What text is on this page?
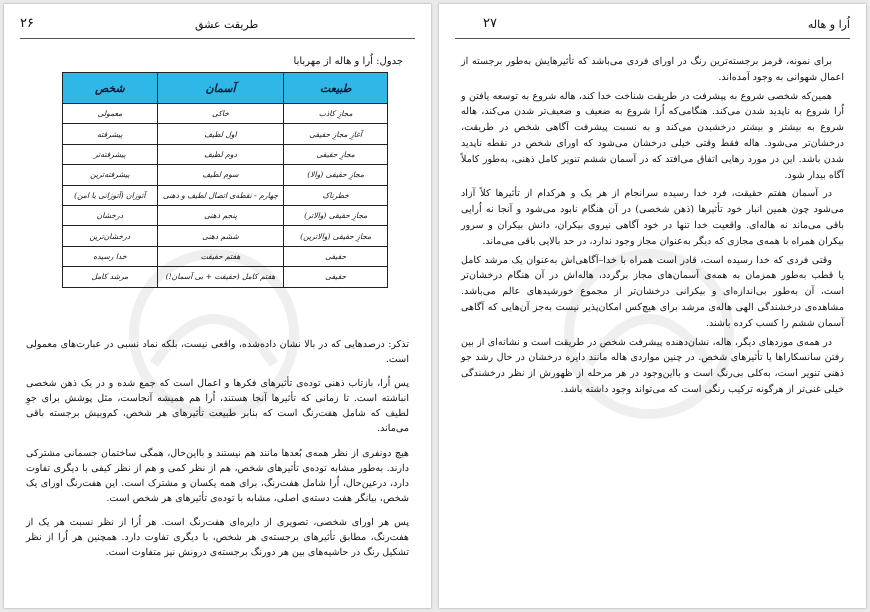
۲۶	طریقت عشق
جدول: اُرا و هاله از مهربابا
طبیعت	آسمان	شخص
مجازِ کاذب	خاکی	معمولی
آغازِ مجازِ حقیقی	اول لطیف	پیشرفته
مجازِ حقیقی	دوم لطیف	پیشرفته‌تر
مجازِ حقیقی (والا)	سوم لطیف	پیشرفته‌ترین
خطرناک	چهارم - نقطه‌ی اتصال لطیف و ذهنی	آتوزان (آتوزانی یا امن)
مجازِ حقیقی (والاتر)	پنجم ذهنی	درخشان
مجازِ حقیقی (والاترین)	ششم ذهنی	درخشان‌ترین
حقیقی	هفتم حقیقت	خدا رسیده
حقیقی	هفتم کامل (حقیقت + بی آسمان!)	مرشد کامل

تذکر: درصدهایی که در بالا نشان داده‌شده، واقعی نیست، بلکه نماد نسبی در عبارت‌های معمولی است.

پس اُرا، بازتاب ذهنی توده‌ی تأثیرهای فکرها و اعمال است که جمع شده و در یک ذهن شخصی انباشته است. تا زمانی که تأثیرها آنجا هستند، اُرا هم همیشه آنجاست، مثل پوشش برای جوِ لطیف که شامل هفت‌رنگ است که بنابر طبیعت تأثیرهای هر شخص، کم‌وبیش برجسته باقی می‌ماند.

هیچ دونفری از نظر همه‌ی بُعدها مانند هم نیستند و بااین‌حال، همگی ساختمان جسمانی مشترکی دارند. به‌طور مشابه توده‌ی تأثیرهای شخص، هم از نظر کمی و هم از نظر کیفی با دیگری تفاوت دارد، درعین‌حال، اُرا شامل هفت‌رنگ، برای همه یکسان و مشترک است. این هفت‌رنگ اورای یک شخص، بیانگر هفت دسته‌ی اصلی، مشابه با توده‌ی تأثیرهای هر شخص است.

پس هر اورای شخصی، تصویری از دایره‌ای هفت‌رنگ است. هر اُرا از نظر نسبت هر یک از هفت‌رنگ، مطابق تأثیرهای برجسته‌ی هر شخص، با دیگری تفاوت دارد. همچنین هر اُرا از نظر تشکیل رنگ در حاشیه‌های بین هر دورنگ برجسته‌ی درونش نیز متفاوت است.

اُرا و هاله
۲۷

برای نمونه، قرمز برجسته‌ترین رنگ در اورای فردی می‌باشد که تأثیرهایش به‌طور برجسته از اعمال شهوانی به وجود آمده‌اند.

همین‌که شخصی شروع به پیشرفت در طریقت شناخت خدا کند، هاله شروع به توسعه یافتن و اُرا شروع به ناپدید شدن می‌کند. هنگامی‌که اُرا شروع به ضعیف و ضعیف‌تر شدن می‌کند، هاله شروع به بیشتر و بیشتر درخشیدن می‌کند و به نسبت پیشرفت آگاهی شخص در طریقت، درخشان‌تر می‌شود. هاله فقط وقتی خیلی درخشان می‌شود که اورای شخص در نقطه ناپدید شدن باشد. این در مورد رهایی اتفاق می‌افتد که در آسمان ششم تنویر کامل ذهنی، به‌طور کاملاً آگاه بیدار شود.

در آسمان هفتم حقیقت، فرد خدا رسیده سرانجام از هر یک و هرکدام از تأثیرها کلاً آزاد می‌شود چون همین انبار خود تأثیرها (ذهن شخصی) در آن هنگام نابود می‌شود و آنجا نه اُرایی باقی می‌ماند نه هاله‌ای. واقعیت خدا تنها در خود آگاهی نیروی بیکران، دانش بیکران و سرور بیکران همراه با همه‌ی مجازی که دیگر به‌عنوان مجاز وجود ندارد، در حد بالایی باقی می‌ماند.

وقتی فردی که خدا رسیده است، قادر است همراه با خدا–آگاهی‌اش به‌عنوان یک مرشد کامل یا قطب به‌طور همزمان به همه‌ی آسمان‌های مجاز برگردد، هاله‌اش در آن هنگام درخشان‌تر است، آن به‌طور بی‌اندازه‌ای و بیکرانی درخشان‌تر از مجموع خورشیدهای عالم می‌باشد. مشاهده‌ی درخشندگی الهی هاله‌ی مرشد برای هیچ‌کس امکان‌پذیر نیست به‌جز آن‌هایی که آگاهی آسمان ششم را کسب کرده باشند.

در همه‌ی موردهای دیگر، هاله، نشان‌دهنده پیشرفت شخص در طریقت است و نشانه‌ای از بین رفتن سانسکاراها یا تأثیرهای شخص. در چنین مواردی هاله مانند دایره درخشان در حال رشد جو ذهنی تنویر است، به‌کلی بی‌رنگ است و بااین‌وجود در هر مرحله از ظهورش از نظر درخشندگی خیلی غنی‌تر از هرگونه ترکیب رنگی است که می‌تواند وجود داشته باشد.
